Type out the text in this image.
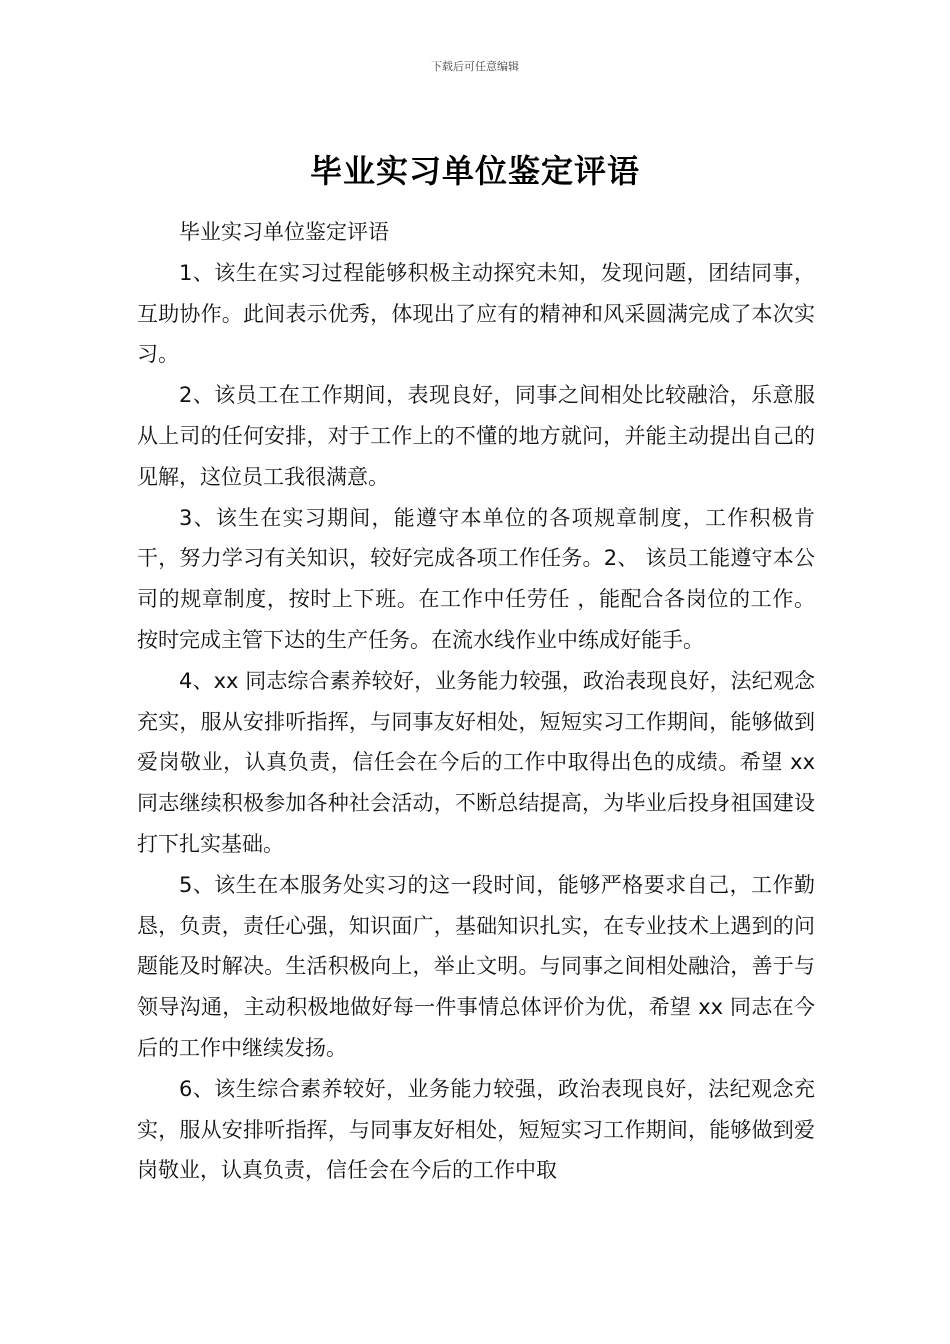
下载后可任意编辑
毕业实习单位鉴定评语

毕业实习单位鉴定评语

1、该生在实习过程能够积极主动探究未知，发现问题，团结同事，互助协作。此间表示优秀，体现出了应有的精神和风采圆满完成了本次实习。

2、该员工在工作期间，表现良好，同事之间相处比较融洽，乐意服从上司的任何安排，对于工作上的不懂的地方就问，并能主动提出自己的见解，这位员工我很满意。

3、该生在实习期间，能遵守本单位的各项规章制度，工作积极肯干，努力学习有关知识，较好完成各项工作任务。2、 该员工能遵守本公司的规章制度，按时上下班。在工作中任劳任 ，能配合各岗位的工作。按时完成主管下达的生产任务。在流水线作业中练成好能手。

4、xx 同志综合素养较好，业务能力较强，政治表现良好，法纪观念充实，服从安排听指挥，与同事友好相处，短短实习工作期间，能够做到爱岗敬业，认真负责，信任会在今后的工作中取得出色的成绩。希望 xx 同志继续积极参加各种社会活动，不断总结提高，为毕业后投身祖国建设打下扎实基础。

5、该生在本服务处实习的这一段时间，能够严格要求自己，工作勤恳，负责，责任心强，知识面广，基础知识扎实，在专业技术上遇到的问题能及时解决。生活积极向上，举止文明。与同事之间相处融洽，善于与领导沟通，主动积极地做好每一件事情总体评价为优，希望 xx 同志在今后的工作中继续发扬。

6、该生综合素养较好，业务能力较强，政治表现良好，法纪观念充实，服从安排听指挥，与同事友好相处，短短实习工作期间，能够做到爱岗敬业，认真负责，信任会在今后的工作中取
